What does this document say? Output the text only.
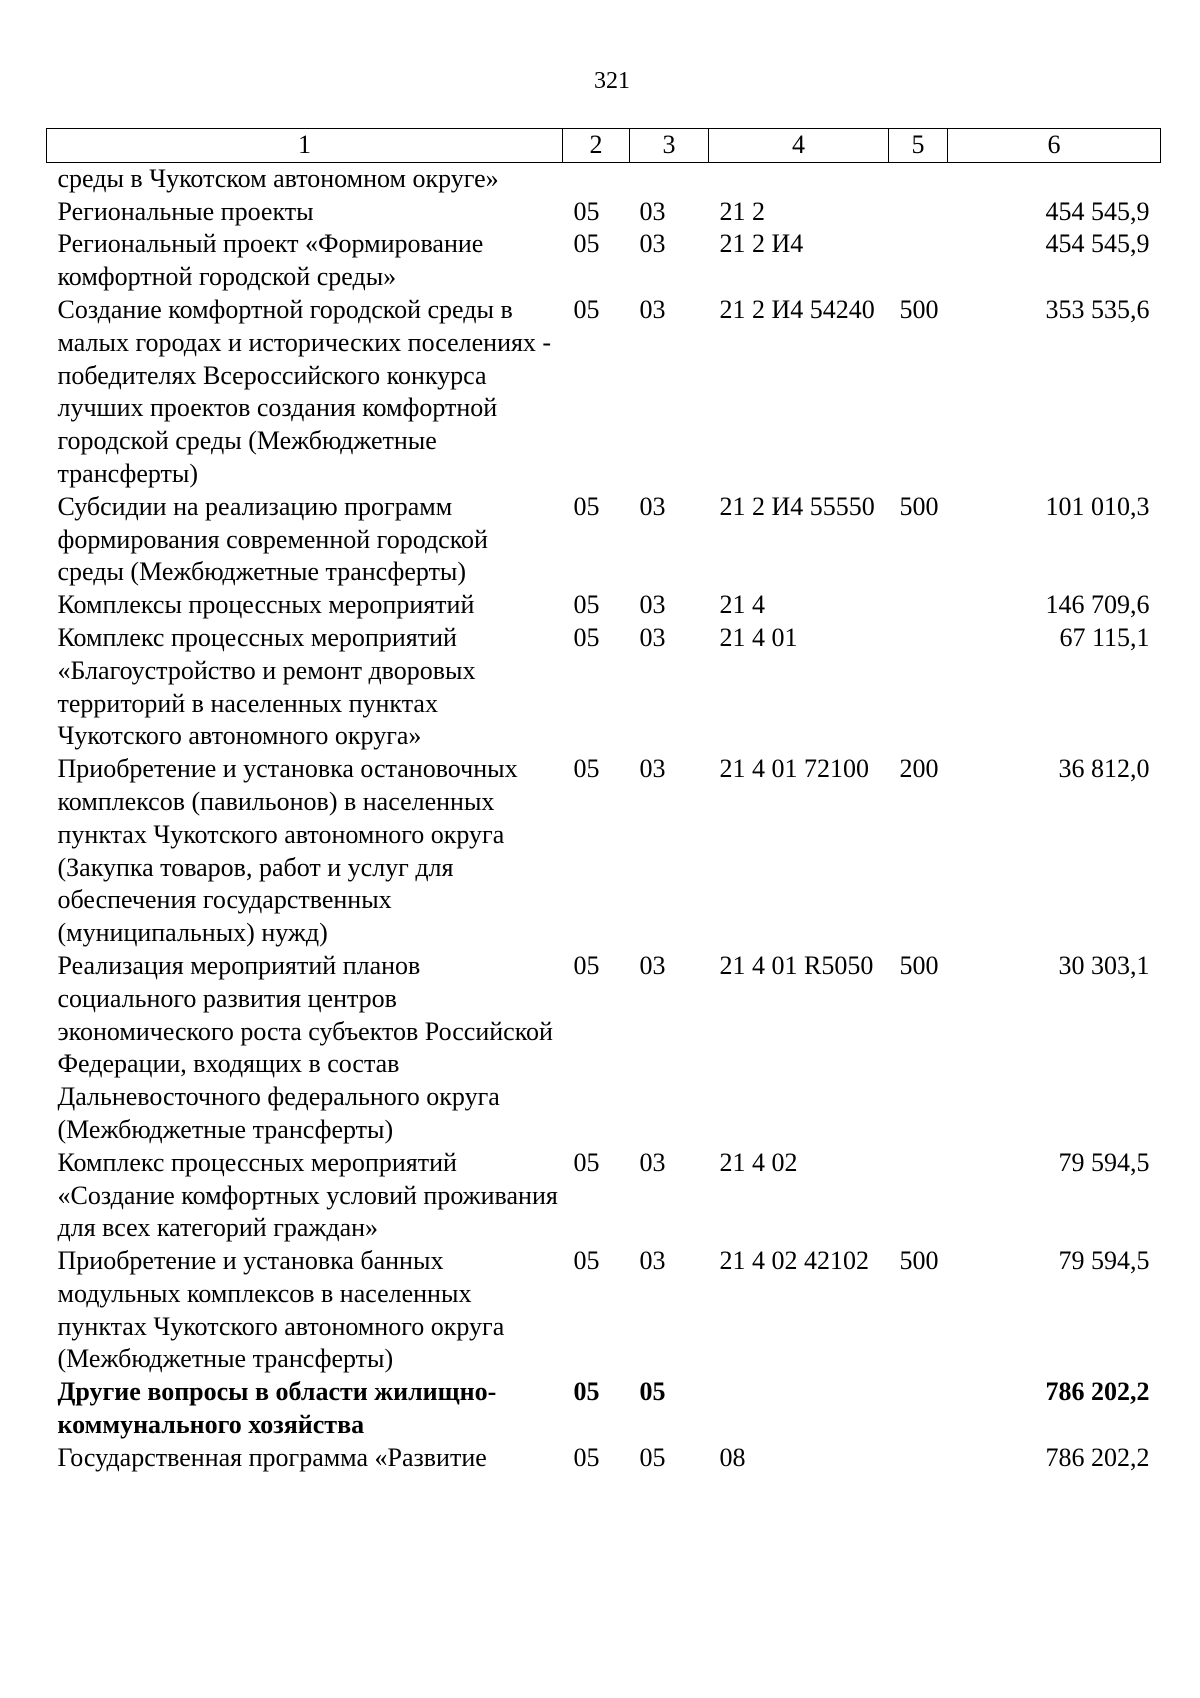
321
1	2	3	4	5	6
среды в Чукотском автономном округе»					
Региональные проекты	05	03	21 2		454 545,9
Региональный проект «Формирование комфортной городской среды»	05	03	21 2 И4		454 545,9
Создание комфортной городской среды в малых городах и исторических поселениях - победителях Всероссийского конкурса лучших проектов создания комфортной городской среды (Межбюджетные трансферты)	05	03	21 2 И4 54240	500	353 535,6
Субсидии на реализацию программ формирования современной городской среды (Межбюджетные трансферты)	05	03	21 2 И4 55550	500	101 010,3
Комплексы процессных мероприятий	05	03	21 4		146 709,6
Комплекс процессных мероприятий «Благоустройство и ремонт дворовых территорий в населенных пунктах Чукотского автономного округа»	05	03	21 4 01		67 115,1
Приобретение и установка остановочных комплексов (павильонов) в населенных пунктах Чукотского автономного округа (Закупка товаров, работ и услуг для обеспечения государственных (муниципальных) нужд)	05	03	21 4 01 72100	200	36 812,0
Реализация мероприятий планов социального развития центров экономического роста субъектов Российской Федерации, входящих в состав Дальневосточного федерального округа (Межбюджетные трансферты)	05	03	21 4 01 R5050	500	30 303,1
Комплекс процессных мероприятий «Создание комфортных условий проживания для всех категорий граждан»	05	03	21 4 02		79 594,5
Приобретение и установка банных модульных комплексов в населенных пунктах Чукотского автономного округа (Межбюджетные трансферты)	05	03	21 4 02 42102	500	79 594,5
Другие вопросы в области жилищно-коммунального хозяйства	05	05			786 202,2
Государственная программа «Развитие	05	05	08		786 202,2
